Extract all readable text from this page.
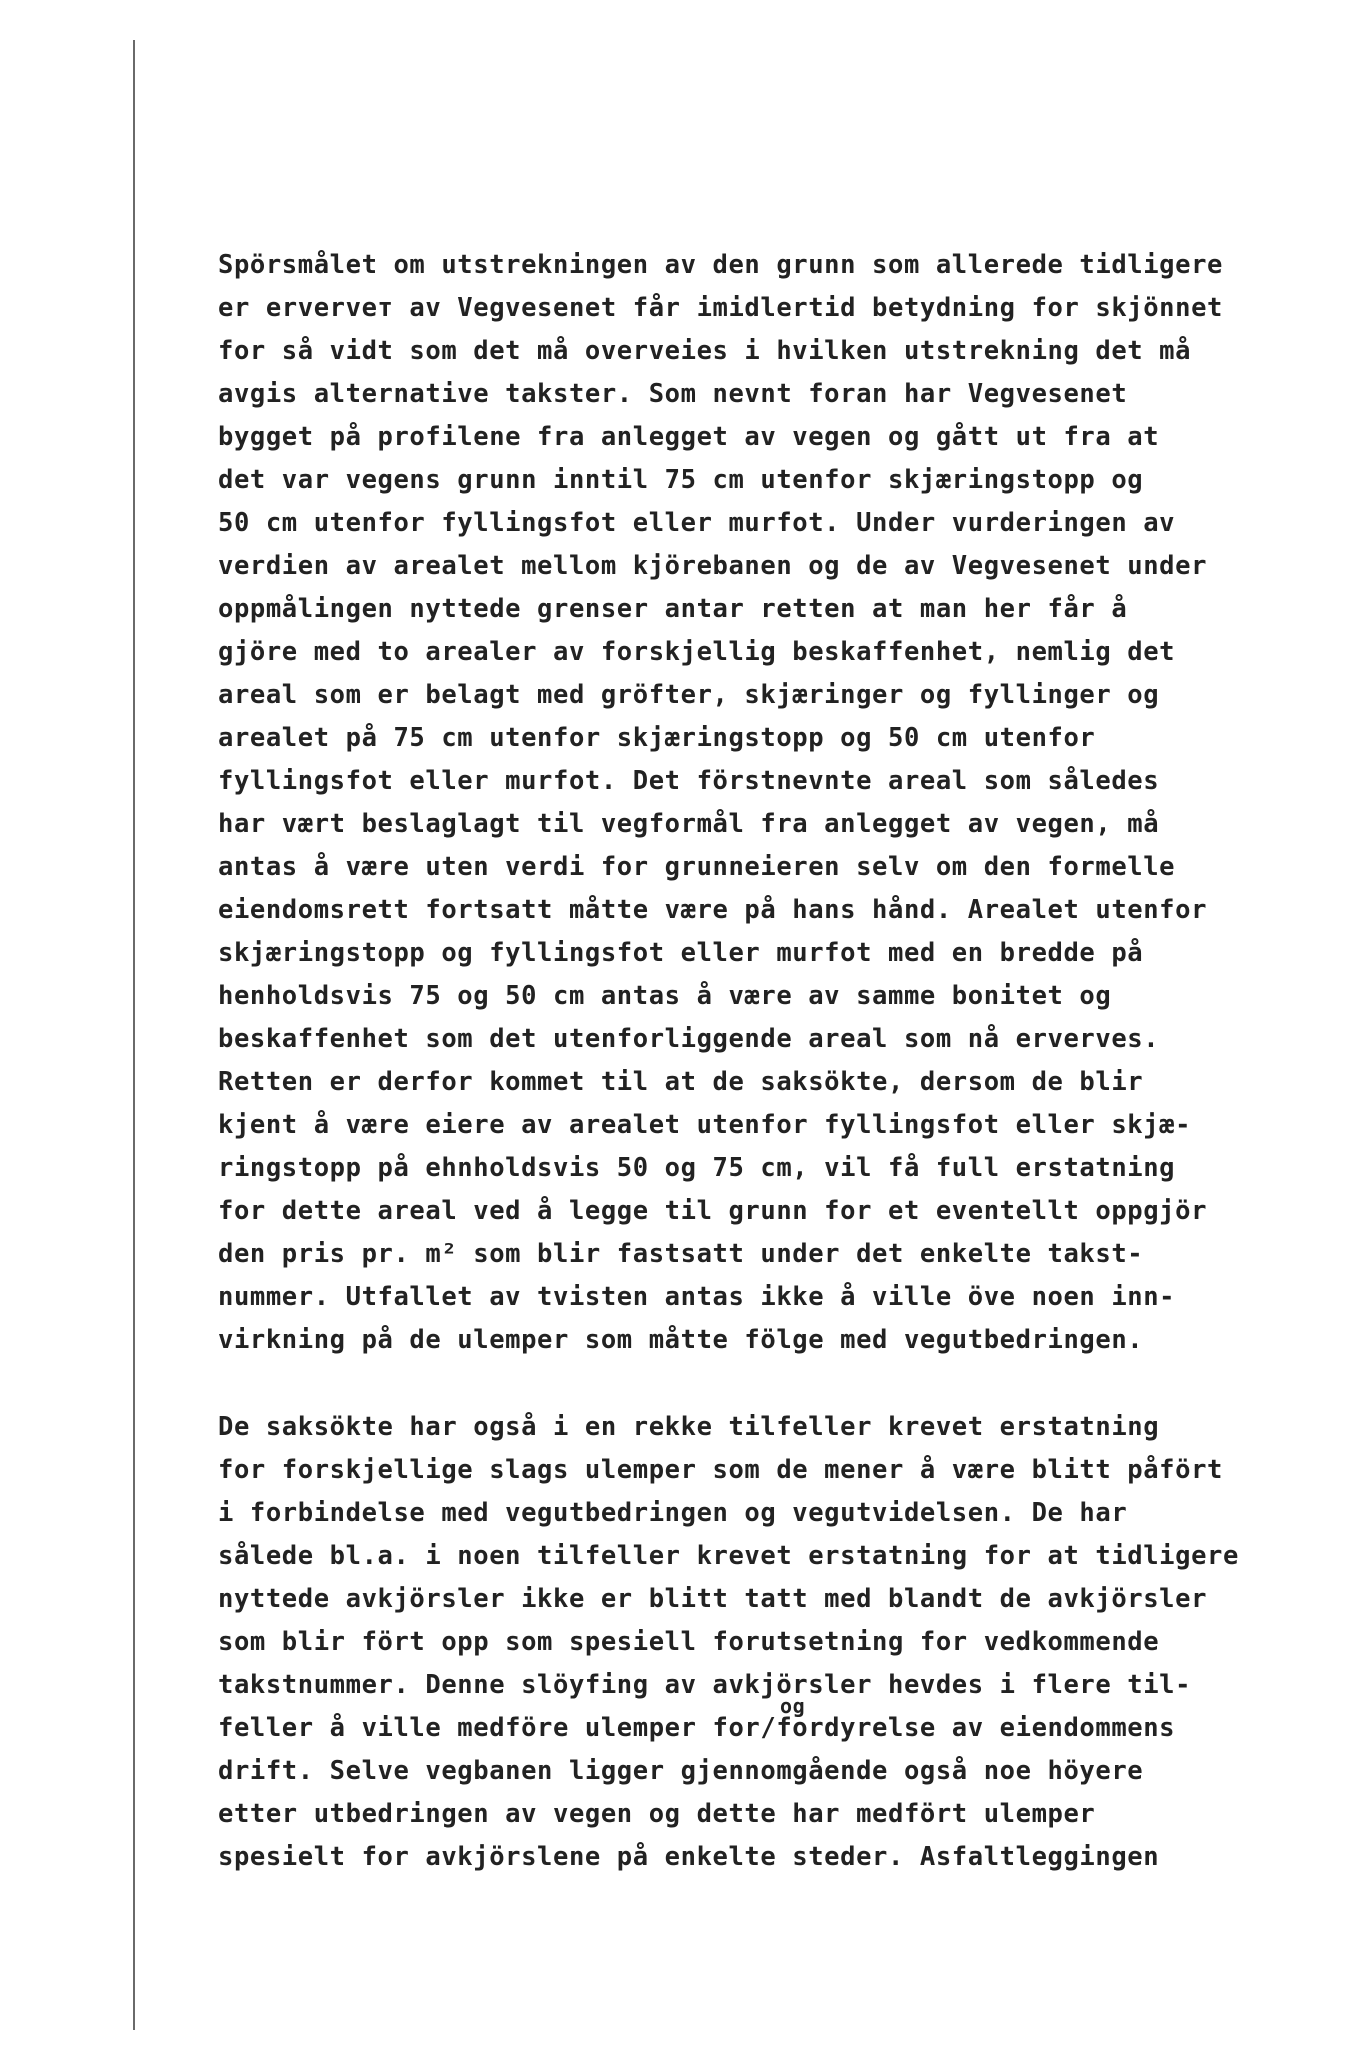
Spörsmålet om utstrekningen av den grunn som allerede tidligere
er erverveт av Vegvesenet får imidlertid betydning for skjönnet
for så vidt som det må overveies i hvilken utstrekning det må
avgis alternative takster. Som nevnt foran har Vegvesenet
bygget på profilene fra anlegget av vegen og gått ut fra at
det var vegens grunn inntil 75 cm utenfor skjæringstopp og
50 cm utenfor fyllingsfot eller murfot. Under vurderingen av
verdien av arealet mellom kjörebanen og de av Vegvesenet under
oppmålingen nyttede grenser antar retten at man her får å
gjöre med to arealer av forskjellig beskaffenhet, nemlig det
areal som er belagt med gröfter, skjæringer og fyllinger og
arealet på 75 cm utenfor skjæringstopp og 50 cm utenfor
fyllingsfot eller murfot. Det förstnevnte areal som således
har vært beslaglagt til vegformål fra anlegget av vegen, må
antas å være uten verdi for grunneieren selv om den formelle
eiendomsrett fortsatt måtte være på hans hånd. Arealet utenfor
skjæringstopp og fyllingsfot eller murfot med en bredde på
henholdsvis 75 og 50 cm antas å være av samme bonitet og
beskaffenhet som det utenforliggende areal som nå erverves.
Retten er derfor kommet til at de saksökte, dersom de blir
kjent å være eiere av arealet utenfor fyllingsfot eller skjæ-
ringstopp på ehnholdsvis 50 og 75 cm, vil få full erstatning
for dette areal ved å legge til grunn for et eventellt oppgjör
den pris pr. m² som blir fastsatt under det enkelte takst-
nummer. Utfallet av tvisten antas ikke å ville öve noen inn-
virkning på de ulemper som måtte fölge med vegutbedringen.
De saksökte har også i en rekke tilfeller krevet erstatning
for forskjellige slags ulemper som de mener å være blitt påfört
i forbindelse med vegutbedringen og vegutvidelsen. De har
sålede bl.a. i noen tilfeller krevet erstatning for at tidligere
nyttede avkjörsler ikke er blitt tatt med blandt de avkjörsler
som blir fört opp som spesiell forutsetning for vedkommende
takstnummer. Denne slöyfing av avkjörsler hevdes i flere til-
feller å ville medföre ulemper for/fordyrelse av eiendommens
drift. Selve vegbanen ligger gjennomgående også noe höyere
etter utbedringen av vegen og dette har medfört ulemper
spesielt for avkjörslene på enkelte steder. Asfaltleggingen
og
